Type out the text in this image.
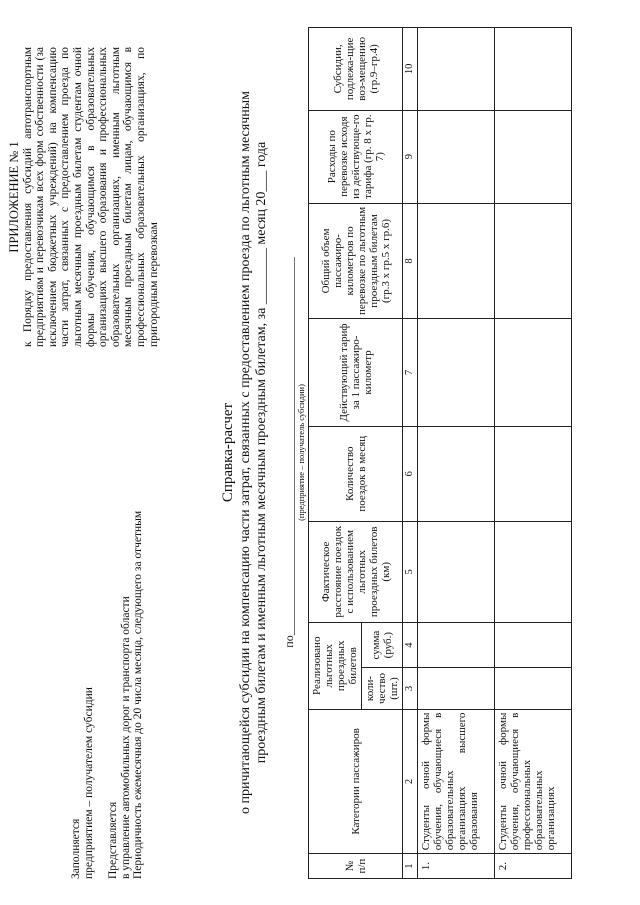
ПРИЛОЖЕНИЕ № 1 к Порядку предоставления субсидий автотранспортным предприятиям и перевозчикам всех форм собственности (за исключением бюджетных учреждений) на компенсацию части затрат, связанных с предоставлением проезда по льготным месячным проездным билетам студентам очной формы обучения, обучающимся в образовательных организациях высшего образования и профессиональных образовательных организациях, именным льготным месячным проездным билетам лицам, обучающимся в профессиональных образовательных организациях, по пригородным перевозкам

Заполняется
предприятием – получателем субсидии Представляется
в управление автомобильных дорог и транспорта области
Периодичность ежемесячная до 20 числа месяца, следующего за отчетным

Справка-расчет о причитающейся субсидии на компенсацию части затрат, связанных с предоставлением проезда по льготным месячным проездным билетам и именным льготным месячным проездным билетам, за ________ месяц 20___ года по_______________________________________________________________ (предприятие – получатель субсидии)
№ п/п	Категории пассажиров	Реализовано льготных проездных билетов		Фактическое расстояние поездок с использованием льготных проездных билетов (км)	Количество поездок в месяц	Действующий тариф за 1 пассажиро-километр	Общий объем пассажиро-километров по перевозке по льготным проездным билетам (гр.3 х гр.5 х гр.6)	Расходы по перевозке исходя из действующе-го тарифа (гр. 8 х гр. 7)	Субсидии, подлежа-щие воз-мещению (гр.9–гр.4)
		коли-чество (шт.)	сумма (руб.)						
1	2	3	4	5	6	7	8	9	10
1.	Студенты очной формы обучения, обучающиеся в образовательных организациях высшего образования								
2.	Студенты очной формы обучения, обучающиеся в профессиональных образовательных организациях								
